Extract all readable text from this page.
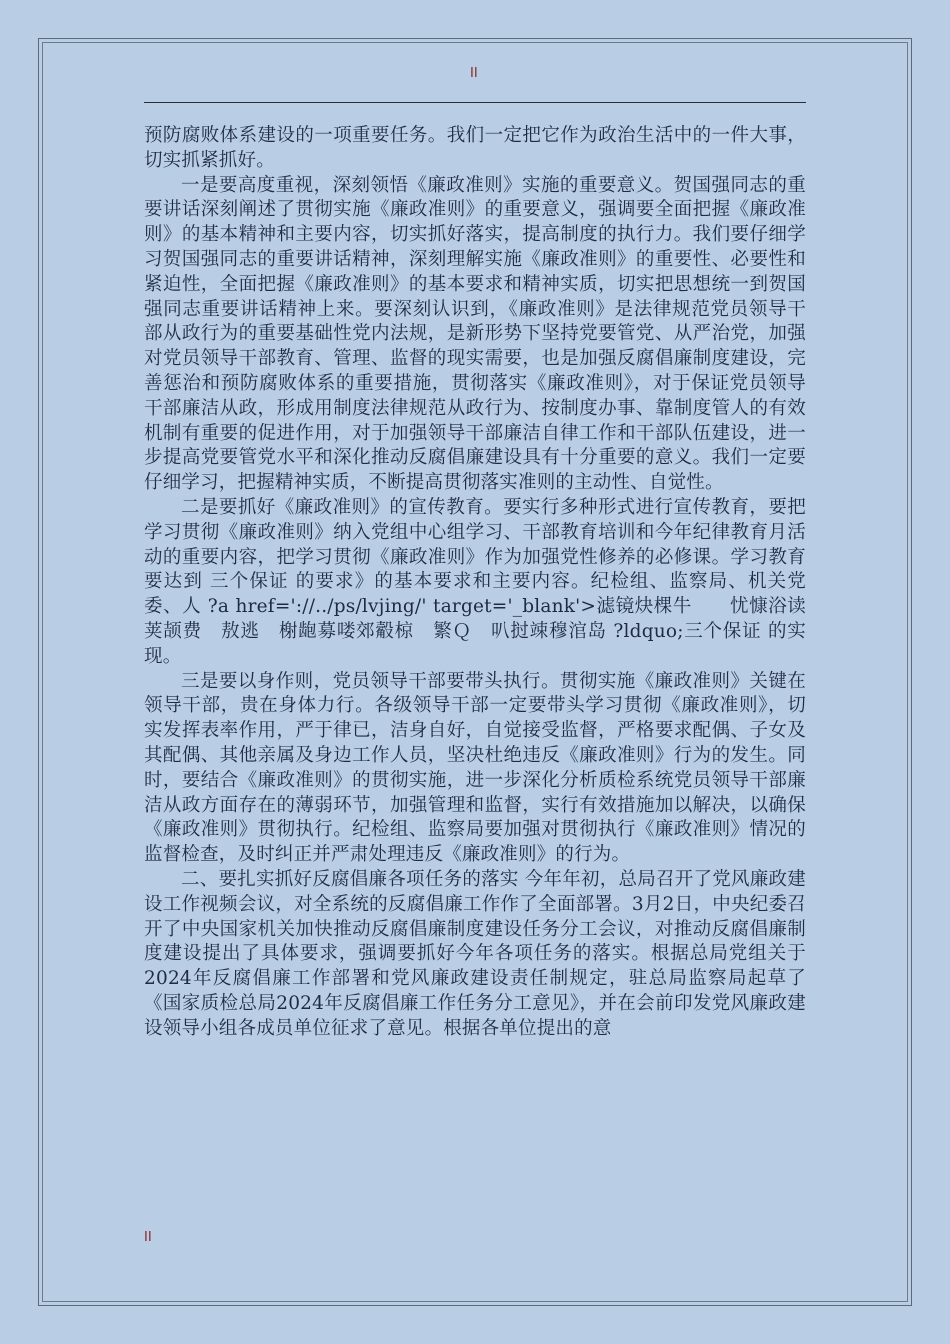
II

预防腐败体系建设的一项重要任务。我们一定把它作为政治生活中的一件大事，切实抓紧抓好。

一是要高度重视，深刻领悟《廉政准则》实施的重要意义。贺国强同志的重要讲话深刻阐述了贯彻实施《廉政准则》的重要意义，强调要全面把握《廉政准则》的基本精神和主要内容，切实抓好落实，提高制度的执行力。我们要仔细学习贺国强同志的重要讲话精神，深刻理解实施《廉政准则》的重要性、必要性和紧迫性，全面把握《廉政准则》的基本要求和精神实质，切实把思想统一到贺国强同志重要讲话精神上来。要深刻认识到，《廉政准则》是法律规范党员领导干部从政行为的重要基础性党内法规，是新形势下坚持党要管党、从严治党，加强对党员领导干部教育、管理、监督的现实需要，也是加强反腐倡廉制度建设，完善惩治和预防腐败体系的重要措施，贯彻落实《廉政准则》，对于保证党员领导干部廉洁从政，形成用制度法律规范从政行为、按制度办事、靠制度管人的有效机制有重要的促进作用，对于加强领导干部廉洁自律工作和干部队伍建设，进一步提高党要管党水平和深化推动反腐倡廉建设具有十分重要的意义。我们一定要仔细学习，把握精神实质，不断提高贯彻落实准则的主动性、自觉性。

二是要抓好《廉政准则》的宣传教育。要实行多种形式进行宣传教育，要把学习贯彻《廉政准则》纳入党组中心组学习、干部教育培训和今年纪律教育月活动的重要内容，把学习贯彻《廉政准则》作为加强党性修养的必修课。学习教育要达到 三个保证 的要求》的基本要求和主要内容。纪检组、监察局、机关党委、人 ?a href='://../ps/lvjing/' target='_blank'>滤镜炔棵牛　　忧慷浴读　　荚颉费　敖逃　榭龅募喽郊觳椋　繁Ｑ　叭挝竦穆涫岛 ?ldquo;三个保证 的实现。

三是要以身作则，党员领导干部要带头执行。贯彻实施《廉政准则》关键在领导干部，贵在身体力行。各级领导干部一定要带头学习贯彻《廉政准则》，切实发挥表率作用，严于律已，洁身自好，自觉接受监督，严格要求配偶、子女及其配偶、其他亲属及身边工作人员，坚决杜绝违反《廉政准则》行为的发生。同时，要结合《廉政准则》的贯彻实施，进一步深化分析质检系统党员领导干部廉洁从政方面存在的薄弱环节，加强管理和监督，实行有效措施加以解决，以确保《廉政准则》贯彻执行。纪检组、监察局要加强对贯彻执行《廉政准则》情况的监督检查，及时纠正并严肃处理违反《廉政准则》的行为。

二、要扎实抓好反腐倡廉各项任务的落实 今年年初，总局召开了党风廉政建设工作视频会议，对全系统的反腐倡廉工作作了全面部署。3月2日，中央纪委召开了中央国家机关加快推动反腐倡廉制度建设任务分工会议，对推动反腐倡廉制度建设提出了具体要求，强调要抓好今年各项任务的落实。根据总局党组关于2024年反腐倡廉工作部署和党风廉政建设责任制规定，驻总局监察局起草了《国家质检总局2024年反腐倡廉工作任务分工意见》，并在会前印发党风廉政建设领导小组各成员单位征求了意见。根据各单位提出的意

II
